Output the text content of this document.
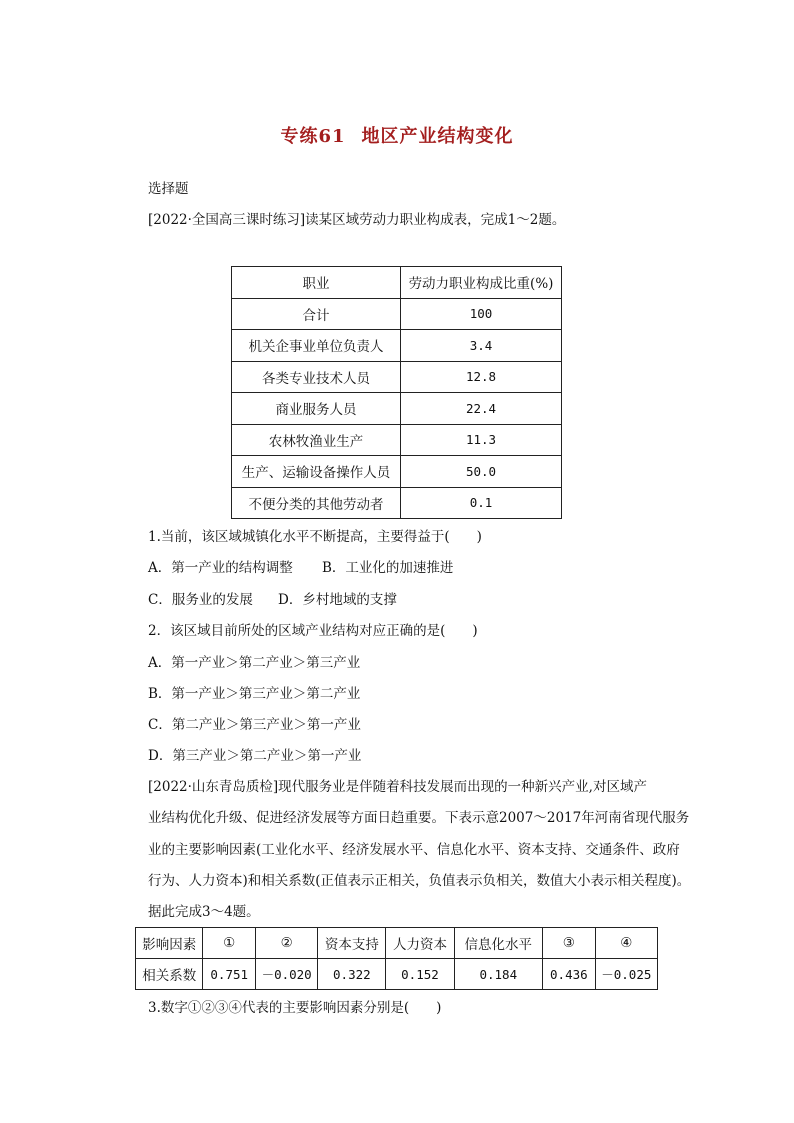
专练61 地区产业结构变化
选择题
[2022·全国高三课时练习]读某区域劳动力职业构成表，完成1～2题。
职业	劳动力职业构成比重(%)
合计	100
机关企事业单位负责人	3.4
各类专业技术人员	12.8
商业服务人员	22.4
农林牧渔业生产	11.3
生产、运输设备操作人员	50.0
不便分类的其他劳动者	0.1
1.当前，该区域城镇化水平不断提高，主要得益于(　　)
A．第一产业的结构调整 B．工业化的加速推进
C．服务业的发展 D．乡村地域的支撑
2．该区域目前所处的区域产业结构对应正确的是(　　)
A．第一产业＞第二产业＞第三产业
B．第一产业＞第三产业＞第二产业
C．第二产业＞第三产业＞第一产业
D．第三产业＞第二产业＞第一产业
[2022·山东青岛质检]现代服务业是伴随着科技发展而出现的一种新兴产业,对区域产
业结构优化升级、促进经济发展等方面日趋重要。下表示意2007～2017年河南省现代服务
业的主要影响因素(工业化水平、经济发展水平、信息化水平、资本支持、交通条件、政府
行为、人力资本)和相关系数(正值表示正相关，负值表示负相关，数值大小表示相关程度)。
据此完成3～4题。
影响因素	①	②	资本支持	人力资本	信息化水平	③	④
相关系数	0.751	－0.020	0.322	0.152	0.184	0.436	－0.025
3.数字①②③④代表的主要影响因素分别是(　　)
